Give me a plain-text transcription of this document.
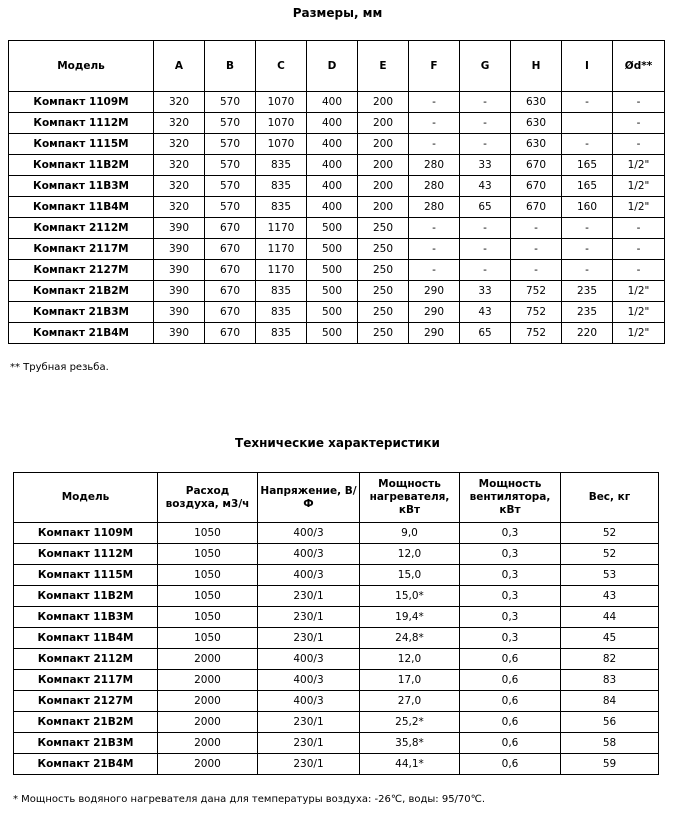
Размеры, мм
Модель	A	B	C	D	E	F	G	H	I	Ød**
Компакт 1109М	320	570	1070	400	200	-	-	630	-	-
Компакт 1112М	320	570	1070	400	200	-	-	630		-
Компакт 1115М	320	570	1070	400	200	-	-	630	-	-
Компакт 11В2М	320	570	835	400	200	280	33	670	165	1/2"
Компакт 11В3М	320	570	835	400	200	280	43	670	165	1/2"
Компакт 11В4М	320	570	835	400	200	280	65	670	160	1/2"
Компакт 2112М	390	670	1170	500	250	-	-	-	-	-
Компакт 2117М	390	670	1170	500	250	-	-	-	-	-
Компакт 2127М	390	670	1170	500	250	-	-	-	-	-
Компакт 21В2М	390	670	835	500	250	290	33	752	235	1/2"
Компакт 21В3М	390	670	835	500	250	290	43	752	235	1/2"
Компакт 21В4М	390	670	835	500	250	290	65	752	220	1/2"
** Трубная резьба.
Технические характеристики
Модель	Расход воздуха, м3/ч	Напряжение, В/Ф	Мощность нагревателя, кВт	Мощность вентилятора, кВт	Вес, кг
Компакт 1109М	1050	400/3	9,0	0,3	52
Компакт 1112М	1050	400/3	12,0	0,3	52
Компакт 1115М	1050	400/3	15,0	0,3	53
Компакт 11В2М	1050	230/1	15,0*	0,3	43
Компакт 11В3М	1050	230/1	19,4*	0,3	44
Компакт 11В4М	1050	230/1	24,8*	0,3	45
Компакт 2112М	2000	400/3	12,0	0,6	82
Компакт 2117М	2000	400/3	17,0	0,6	83
Компакт 2127М	2000	400/3	27,0	0,6	84
Компакт 21В2М	2000	230/1	25,2*	0,6	56
Компакт 21В3М	2000	230/1	35,8*	0,6	58
Компакт 21В4М	2000	230/1	44,1*	0,6	59
* Мощность водяного нагревателя дана для температуры воздуха: -26℃, воды: 95/70℃.
